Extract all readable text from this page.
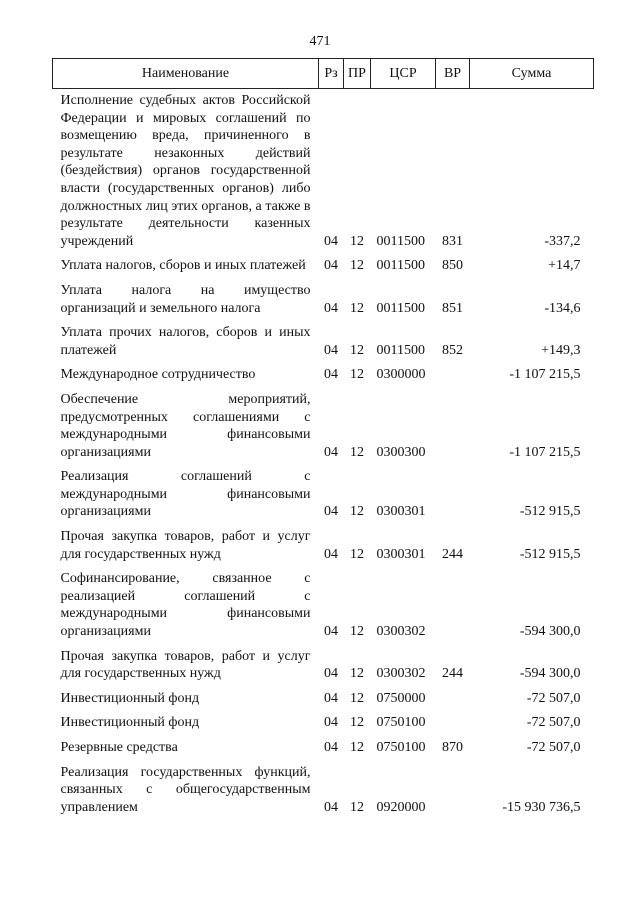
471
Наименование	Рз	ПР	ЦСР	ВР	Сумма
Исполнение судебных актов Российской Федерации и мировых соглашений по возмещению вреда, причиненного в результате незаконных действий (бездействия) органов государственной власти (государственных органов) либо должностных лиц этих органов, а также в результате деятельности казенных учреждений	04	12	0011500	831	-337,2
Уплата налогов, сборов и иных платежей	04	12	0011500	850	+14,7
Уплата налога на имущество организаций и земельного налога	04	12	0011500	851	-134,6
Уплата прочих налогов, сборов и иных платежей	04	12	0011500	852	+149,3
Международное сотрудничество	04	12	0300000		-1 107 215,5
Обеспечение мероприятий, предусмотренных соглашениями с международными финансовыми организациями	04	12	0300300		-1 107 215,5
Реализация соглашений с международными финансовыми организациями	04	12	0300301		-512 915,5
Прочая закупка товаров, работ и услуг для государственных нужд	04	12	0300301	244	-512 915,5
Софинансирование, связанное с реализацией соглашений с международными финансовыми организациями	04	12	0300302		-594 300,0
Прочая закупка товаров, работ и услуг для государственных нужд	04	12	0300302	244	-594 300,0
Инвестиционный фонд	04	12	0750000		-72 507,0
Инвестиционный фонд	04	12	0750100		-72 507,0
Резервные средства	04	12	0750100	870	-72 507,0
Реализация государственных функций, связанных с общегосударственным управлением	04	12	0920000		-15 930 736,5
